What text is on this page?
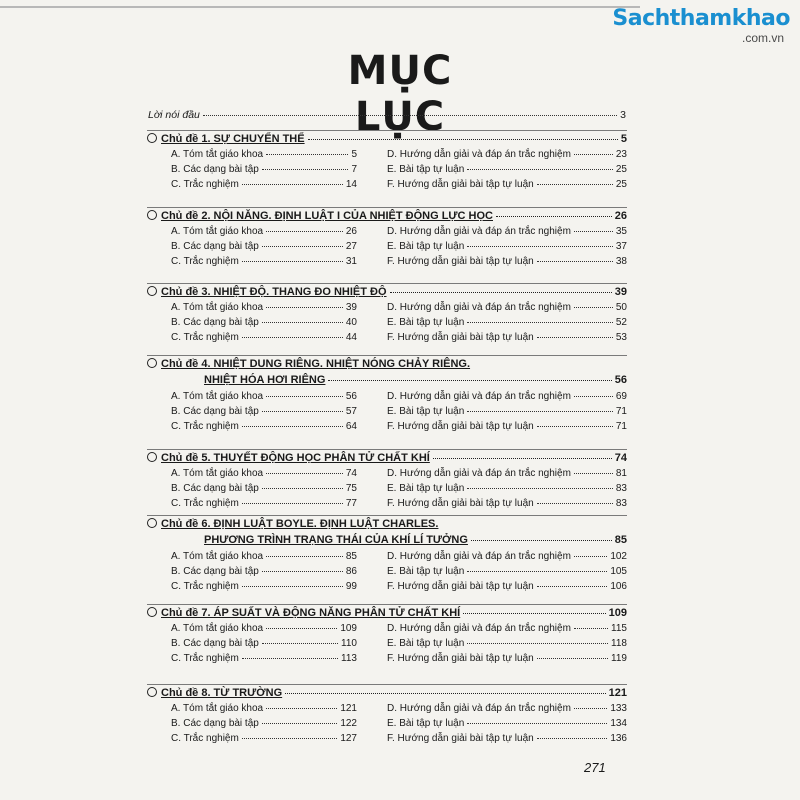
Sachthamkhao
.com.vn
MỤC LỤC
Lời nói đầu	3
Chủ đề 1. SỰ CHUYỂN THỂ	5
A. Tóm tắt giáo khoa	5	D. Hướng dẫn giải và đáp án trắc nghiệm	23
B. Các dạng bài tập	7	E. Bài tập tự luận	25
C. Trắc nghiệm	14	F. Hướng dẫn giải bài tập tự luận	25
Chủ đề 2. NỘI NĂNG. ĐỊNH LUẬT I CỦA NHIỆT ĐỘNG LỰC HỌC	26
A. Tóm tắt giáo khoa	26	D. Hướng dẫn giải và đáp án trắc nghiệm	35
B. Các dạng bài tập	27	E. Bài tập tự luận	37
C. Trắc nghiệm	31	F. Hướng dẫn giải bài tập tự luận	38
Chủ đề 3. NHIỆT ĐỘ. THANG ĐO NHIỆT ĐỘ	39
A. Tóm tắt giáo khoa	39	D. Hướng dẫn giải và đáp án trắc nghiệm	50
B. Các dạng bài tập	40	E. Bài tập tự luận	52
C. Trắc nghiệm	44	F. Hướng dẫn giải bài tập tự luận	53
Chủ đề 4. NHIỆT DUNG RIÊNG. NHIỆT NÓNG CHẢY RIÊNG.
NHIỆT HÓA HƠI RIÊNG	56
A. Tóm tắt giáo khoa	56	D. Hướng dẫn giải và đáp án trắc nghiệm	69
B. Các dạng bài tập	57	E. Bài tập tự luận	71
C. Trắc nghiệm	64	F. Hướng dẫn giải bài tập tự luận	71
Chủ đề 5. THUYẾT ĐỘNG HỌC PHÂN TỬ CHẤT KHÍ	74
A. Tóm tắt giáo khoa	74	D. Hướng dẫn giải và đáp án trắc nghiệm	81
B. Các dạng bài tập	75	E. Bài tập tự luận	83
C. Trắc nghiệm	77	F. Hướng dẫn giải bài tập tự luận	83
Chủ đề 6. ĐỊNH LUẬT BOYLE. ĐỊNH LUẬT CHARLES.
PHƯƠNG TRÌNH TRẠNG THÁI CỦA KHÍ LÍ TƯỞNG	85
A. Tóm tắt giáo khoa	85	D. Hướng dẫn giải và đáp án trắc nghiệm	102
B. Các dạng bài tập	86	E. Bài tập tự luận	105
C. Trắc nghiệm	99	F. Hướng dẫn giải bài tập tự luận	106
Chủ đề 7. ÁP SUẤT VÀ ĐỘNG NĂNG PHÂN TỬ CHẤT KHÍ	109
A. Tóm tắt giáo khoa	109	D. Hướng dẫn giải và đáp án trắc nghiệm	115
B. Các dạng bài tập	110	E. Bài tập tự luận	118
C. Trắc nghiệm	113	F. Hướng dẫn giải bài tập tự luận	119
Chủ đề 8. TỪ TRƯỜNG	121
A. Tóm tắt giáo khoa	121	D. Hướng dẫn giải và đáp án trắc nghiệm	133
B. Các dạng bài tập	122	E. Bài tập tự luận	134
C. Trắc nghiệm	127	F. Hướng dẫn giải bài tập tự luận	136
271
